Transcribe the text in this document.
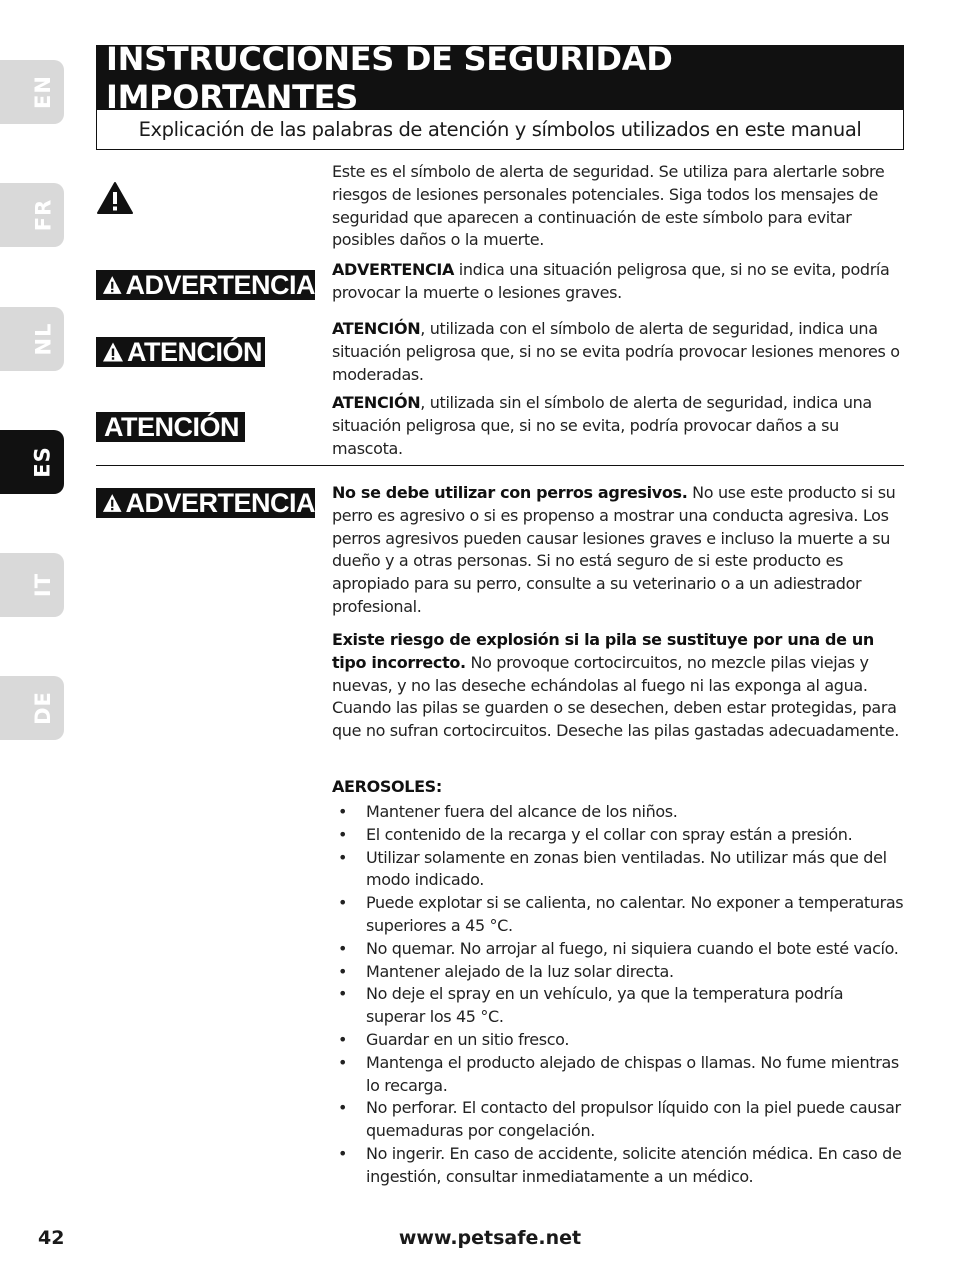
EN
FR
NL
ES
IT
DE
INSTRUCCIONES DE SEGURIDAD IMPORTANTES
Explicación de las palabras de atención y símbolos utilizados en este manual
Este es el símbolo de alerta de seguridad. Se utiliza para alertarle sobre riesgos de lesiones personales potenciales. Siga todos los mensajes de seguridad que aparecen a continuación de este símbolo para evitar posibles daños o la muerte.
ADVERTENCIA ADVERTENCIA indica una situación peligrosa que, si no se evita, podría provocar la muerte o lesiones graves.
ATENCIÓN
ATENCIÓN, utilizada con el símbolo de alerta de seguridad, indica una situación peligrosa que, si no se evita podría provocar lesiones menores o moderadas.
ATENCIÓN
ATENCIÓN, utilizada sin el símbolo de alerta de seguridad, indica una situación peligrosa que, si no se evita, podría provocar daños a su mascota.
ADVERTENCIA No se debe utilizar con perros agresivos. No use este producto si su perro es agresivo o si es propenso a mostrar una conducta agresiva. Los perros agresivos pueden causar lesiones graves e incluso la muerte a su dueño y a otras personas. Si no está seguro de si este producto es apropiado para su perro, consulte a su veterinario o a un adiestrador profesional.
Existe riesgo de explosión si la pila se sustituye por una de un tipo incorrecto. No provoque cortocircuitos, no mezcle pilas viejas y nuevas, y no las deseche echándolas al fuego ni las exponga al agua. Cuando las pilas se guarden o se desechen, deben estar protegidas, para que no sufran cortocircuitos. Deseche las pilas gastadas adecuadamente.
AEROSOLES:
• Mantener fuera del alcance de los niños.
• El contenido de la recarga y el collar con spray están a presión.
• Utilizar solamente en zonas bien ventiladas. No utilizar más que del modo indicado.
• Puede explotar si se calienta, no calentar. No exponer a temperaturas superiores a 45 °C.
• No quemar. No arrojar al fuego, ni siquiera cuando el bote esté vacío.
• Mantener alejado de la luz solar directa.
• No deje el spray en un vehículo, ya que la temperatura podría superar los 45 °C.
• Guardar en un sitio fresco.
• Mantenga el producto alejado de chispas o llamas. No fume mientras lo recarga.
• No perforar. El contacto del propulsor líquido con la piel puede causar quemaduras por congelación.
• No ingerir. En caso de accidente, solicite atención médica. En caso de ingestión, consultar inmediatamente a un médico.
42	www.petsafe.net
